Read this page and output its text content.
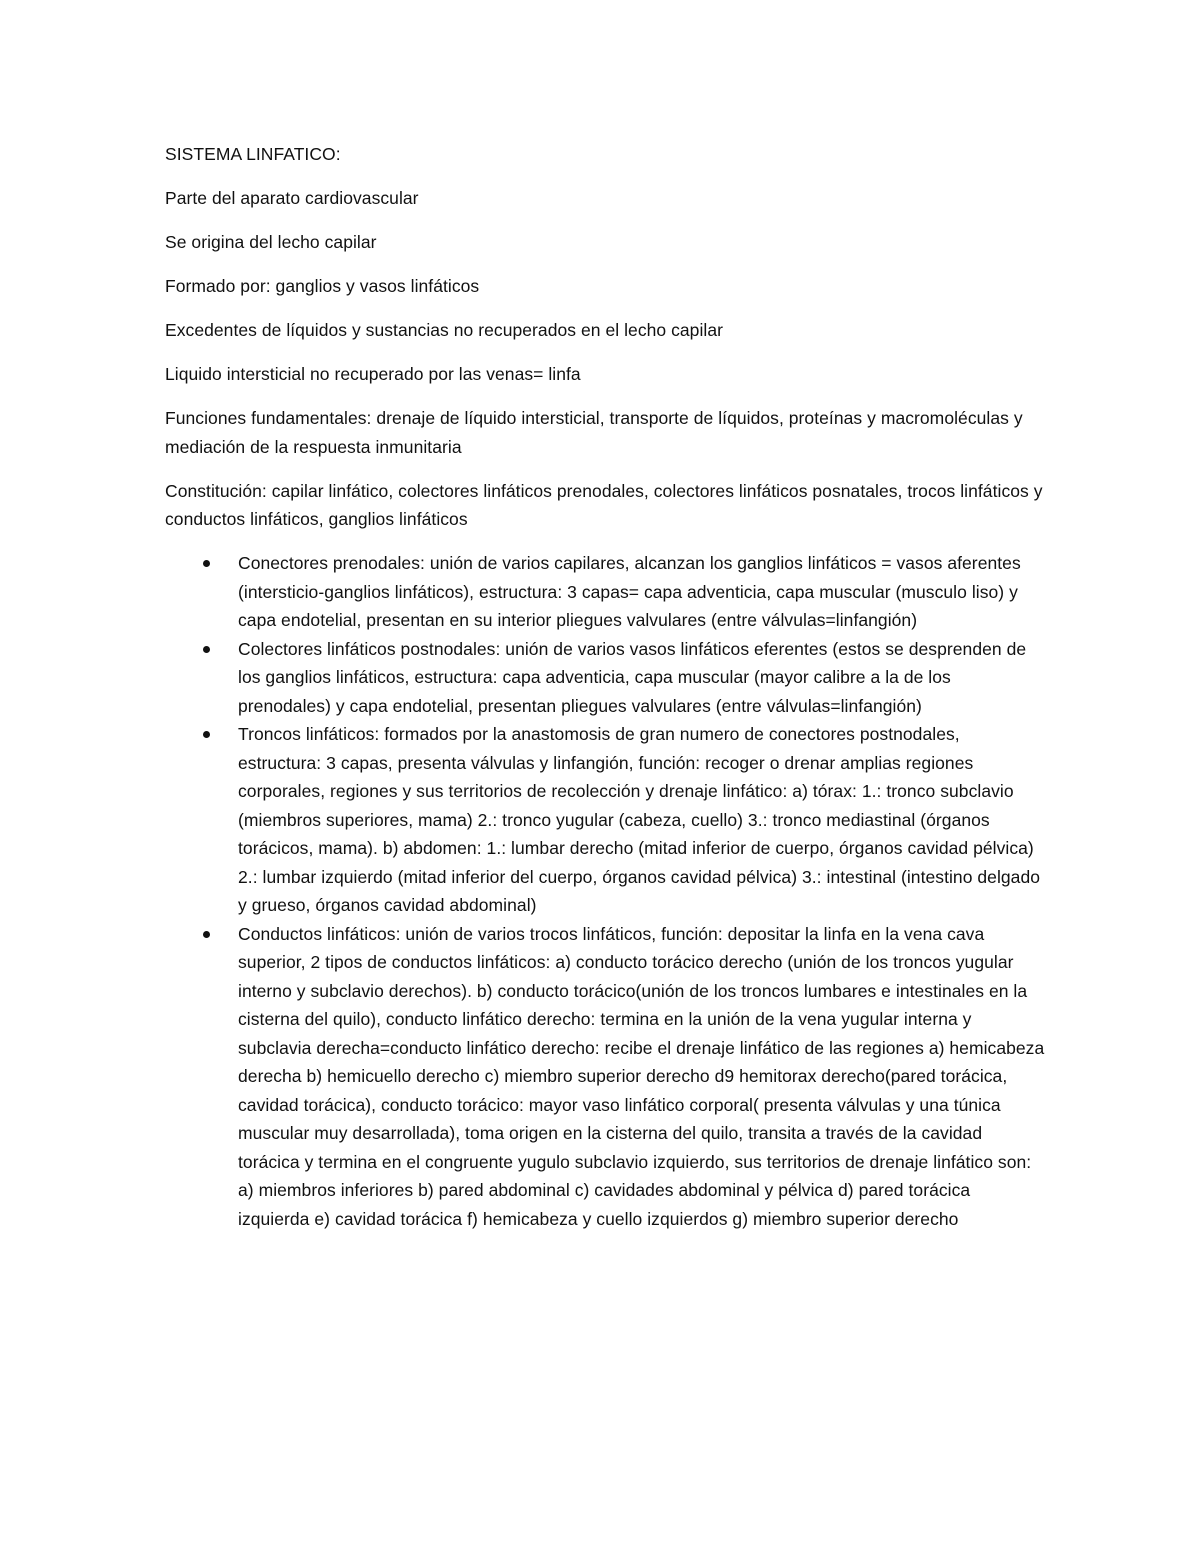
SISTEMA LINFATICO:

Parte del aparato cardiovascular

Se origina del lecho capilar

Formado por: ganglios y vasos linfáticos

Excedentes de líquidos y sustancias no recuperados en el lecho capilar

Liquido intersticial no recuperado por las venas= linfa

Funciones fundamentales: drenaje de líquido intersticial, transporte de líquidos, proteínas y macromoléculas y mediación de la respuesta inmunitaria

Constitución: capilar linfático, colectores linfáticos prenodales, colectores linfáticos posnatales, trocos linfáticos y conductos linfáticos, ganglios linfáticos

Conectores prenodales: unión de varios capilares, alcanzan los ganglios linfáticos = vasos aferentes (intersticio-ganglios linfáticos), estructura: 3 capas= capa adventicia, capa muscular (musculo liso) y capa endotelial, presentan en su interior pliegues valvulares (entre válvulas=linfangión)
Colectores linfáticos postnodales: unión de varios vasos linfáticos eferentes (estos se desprenden de los ganglios linfáticos, estructura: capa adventicia, capa muscular (mayor calibre a la de los prenodales) y capa endotelial, presentan pliegues valvulares (entre válvulas=linfangión)
Troncos linfáticos: formados por la anastomosis de gran numero de conectores postnodales, estructura: 3 capas, presenta válvulas y linfangión, función: recoger o drenar amplias regiones corporales, regiones y sus territorios de recolección y drenaje linfático: a) tórax: 1.: tronco subclavio (miembros superiores, mama) 2.: tronco yugular (cabeza, cuello) 3.: tronco mediastinal (órganos torácicos, mama). b) abdomen: 1.: lumbar derecho (mitad inferior de cuerpo, órganos cavidad pélvica) 2.: lumbar izquierdo (mitad inferior del cuerpo, órganos cavidad pélvica) 3.: intestinal (intestino delgado y grueso, órganos cavidad abdominal)
Conductos linfáticos: unión de varios trocos linfáticos, función: depositar la linfa en la vena cava superior, 2 tipos de conductos linfáticos: a) conducto torácico derecho (unión de los troncos yugular interno y subclavio derechos). b) conducto torácico(unión de los troncos lumbares e intestinales en la cisterna del quilo), conducto linfático derecho: termina en la unión de la vena yugular interna y subclavia derecha=conducto linfático derecho: recibe el drenaje linfático de las regiones a) hemicabeza derecha b) hemicuello derecho c) miembro superior derecho d9 hemitorax derecho(pared torácica, cavidad torácica), conducto torácico: mayor vaso linfático corporal( presenta válvulas y una túnica muscular muy desarrollada), toma origen en la cisterna del quilo, transita a través de la cavidad torácica y termina en el congruente yugulo subclavio izquierdo, sus territorios de drenaje linfático son: a) miembros inferiores b) pared abdominal c) cavidades abdominal y pélvica d) pared torácica izquierda e) cavidad torácica f) hemicabeza y cuello izquierdos g) miembro superior derecho
